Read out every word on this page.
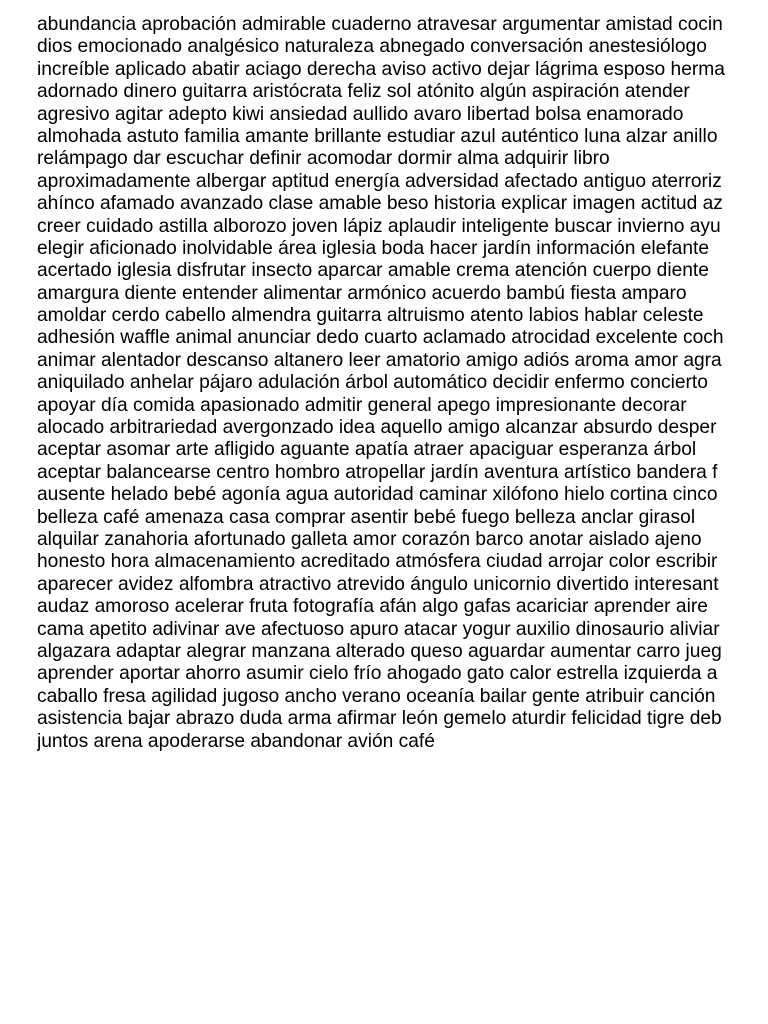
abundancia aprobación admirable cuaderno atravesar argumentar amistad cocin
dios emocionado analgésico naturaleza abnegado conversación anestesiólogo
increíble aplicado abatir aciago derecha aviso activo dejar lágrima esposo herma
adornado dinero guitarra aristócrata feliz sol atónito algún aspiración atender
agresivo agitar adepto kiwi ansiedad aullido avaro libertad bolsa enamorado
almohada astuto familia amante brillante estudiar azul auténtico luna alzar anillo
relámpago dar escuchar definir acomodar dormir alma adquirir libro
aproximadamente albergar aptitud energía adversidad afectado antiguo aterroriz
ahínco afamado avanzado clase amable beso historia explicar imagen actitud az
creer cuidado astilla alborozo joven lápiz aplaudir inteligente buscar invierno ayu
elegir aficionado inolvidable área iglesia boda hacer jardín información elefante
acertado iglesia disfrutar insecto aparcar amable crema atención cuerpo diente
amargura diente entender alimentar armónico acuerdo bambú fiesta amparo
amoldar cerdo cabello almendra guitarra altruismo atento labios hablar celeste
adhesión waffle animal anunciar dedo cuarto aclamado atrocidad excelente coch
animar alentador descanso altanero leer amatorio amigo adiós aroma amor agra
aniquilado anhelar pájaro adulación árbol automático decidir enfermo concierto
apoyar día comida apasionado admitir general apego impresionante decorar
alocado arbitrariedad avergonzado idea aquello amigo alcanzar absurdo desper
aceptar asomar arte afligido aguante apatía atraer apaciguar esperanza árbol
aceptar balancearse centro hombro atropellar jardín aventura artístico bandera f
ausente helado bebé agonía agua autoridad caminar xilófono hielo cortina cinco
belleza café amenaza casa comprar asentir bebé fuego belleza anclar girasol
alquilar zanahoria afortunado galleta amor corazón barco anotar aislado ajeno
honesto hora almacenamiento acreditado atmósfera ciudad arrojar color escribir
aparecer avidez alfombra atractivo atrevido ángulo unicornio divertido interesant
audaz amoroso acelerar fruta fotografía afán algo gafas acariciar aprender aire
cama apetito adivinar ave afectuoso apuro atacar yogur auxilio dinosaurio aliviar
algazara adaptar alegrar manzana alterado queso aguardar aumentar carro jueg
aprender aportar ahorro asumir cielo frío ahogado gato calor estrella izquierda a
caballo fresa agilidad jugoso ancho verano oceanía bailar gente atribuir canción
asistencia bajar abrazo duda arma afirmar león gemelo aturdir felicidad tigre deb
juntos arena apoderarse abandonar avión café
